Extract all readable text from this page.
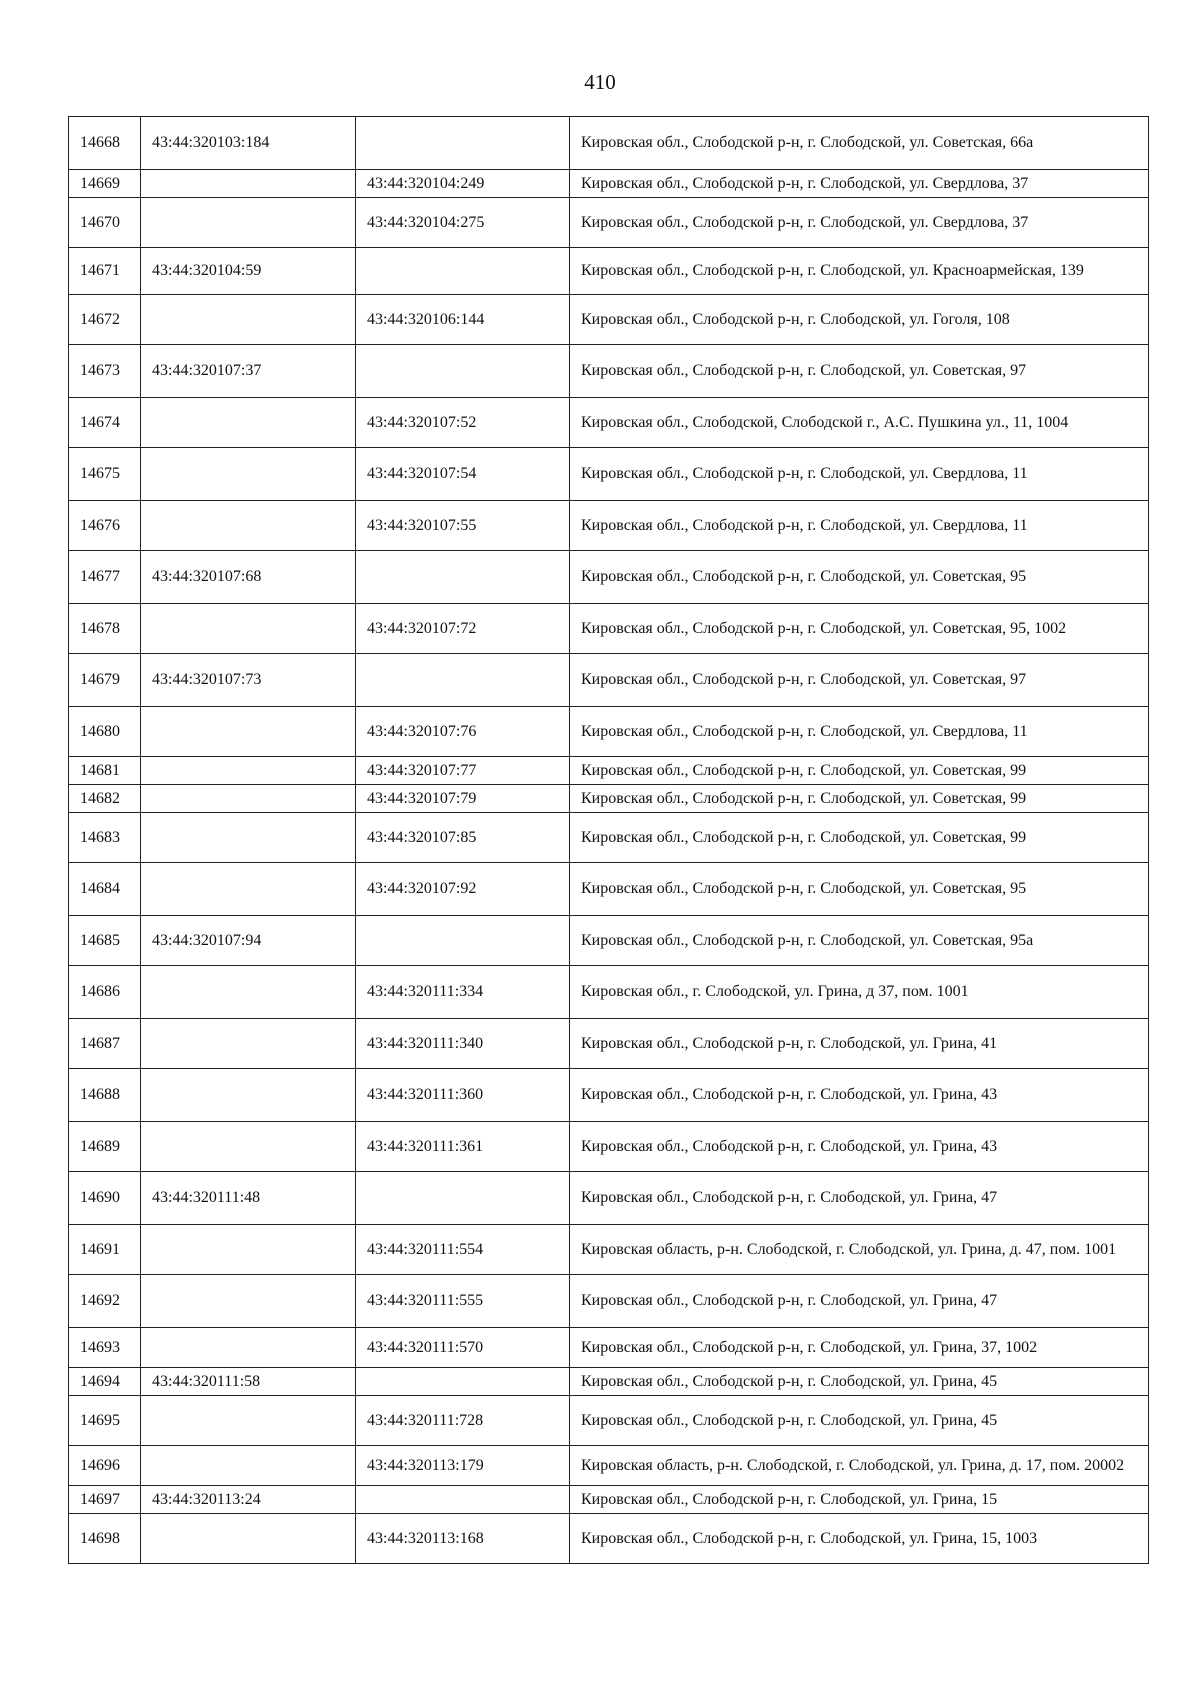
410
14668	43:44:320103:184		Кировская обл., Слободской р-н, г. Слободской, ул. Советская, 66а
14669		43:44:320104:249	Кировская обл., Слободской р-н, г. Слободской, ул. Свердлова, 37
14670		43:44:320104:275	Кировская обл., Слободской р-н, г. Слободской, ул. Свердлова, 37
14671	43:44:320104:59		Кировская обл., Слободской р-н, г. Слободской, ул. Красноармейская, 139
14672		43:44:320106:144	Кировская обл., Слободской р-н, г. Слободской, ул. Гоголя, 108
14673	43:44:320107:37		Кировская обл., Слободской р-н, г. Слободской, ул. Советская, 97
14674		43:44:320107:52	Кировская обл., Слободской, Слободской г., А.С. Пушкина ул., 11, 1004
14675		43:44:320107:54	Кировская обл., Слободской р-н, г. Слободской, ул. Свердлова, 11
14676		43:44:320107:55	Кировская обл., Слободской р-н, г. Слободской, ул. Свердлова, 11
14677	43:44:320107:68		Кировская обл., Слободской р-н, г. Слободской, ул. Советская, 95
14678		43:44:320107:72	Кировская обл., Слободской р-н, г. Слободской, ул. Советская, 95, 1002
14679	43:44:320107:73		Кировская обл., Слободской р-н, г. Слободской, ул. Советская, 97
14680		43:44:320107:76	Кировская обл., Слободской р-н, г. Слободской, ул. Свердлова, 11
14681		43:44:320107:77	Кировская обл., Слободской р-н, г. Слободской, ул. Советская, 99
14682		43:44:320107:79	Кировская обл., Слободской р-н, г. Слободской, ул. Советская, 99
14683		43:44:320107:85	Кировская обл., Слободской р-н, г. Слободской, ул. Советская, 99
14684		43:44:320107:92	Кировская обл., Слободской р-н, г. Слободской, ул. Советская, 95
14685	43:44:320107:94		Кировская обл., Слободской р-н, г. Слободской, ул. Советская, 95а
14686		43:44:320111:334	Кировская обл., г. Слободской, ул. Грина, д 37, пом. 1001
14687		43:44:320111:340	Кировская обл., Слободской р-н, г. Слободской, ул. Грина, 41
14688		43:44:320111:360	Кировская обл., Слободской р-н, г. Слободской, ул. Грина, 43
14689		43:44:320111:361	Кировская обл., Слободской р-н, г. Слободской, ул. Грина, 43
14690	43:44:320111:48		Кировская обл., Слободской р-н, г. Слободской, ул. Грина, 47
14691		43:44:320111:554	Кировская область, р-н. Слободской, г. Слободской, ул. Грина, д. 47, пом. 1001
14692		43:44:320111:555	Кировская обл., Слободской р-н, г. Слободской, ул. Грина, 47
14693		43:44:320111:570	Кировская обл., Слободской р-н, г. Слободской, ул. Грина, 37, 1002
14694	43:44:320111:58		Кировская обл., Слободской р-н, г. Слободской, ул. Грина, 45
14695		43:44:320111:728	Кировская обл., Слободской р-н, г. Слободской, ул. Грина, 45
14696		43:44:320113:179	Кировская область, р-н. Слободской, г. Слободской, ул. Грина, д. 17, пом. 20002
14697	43:44:320113:24		Кировская обл., Слободской р-н, г. Слободской, ул. Грина, 15
14698		43:44:320113:168	Кировская обл., Слободской р-н, г. Слободской, ул. Грина, 15, 1003
